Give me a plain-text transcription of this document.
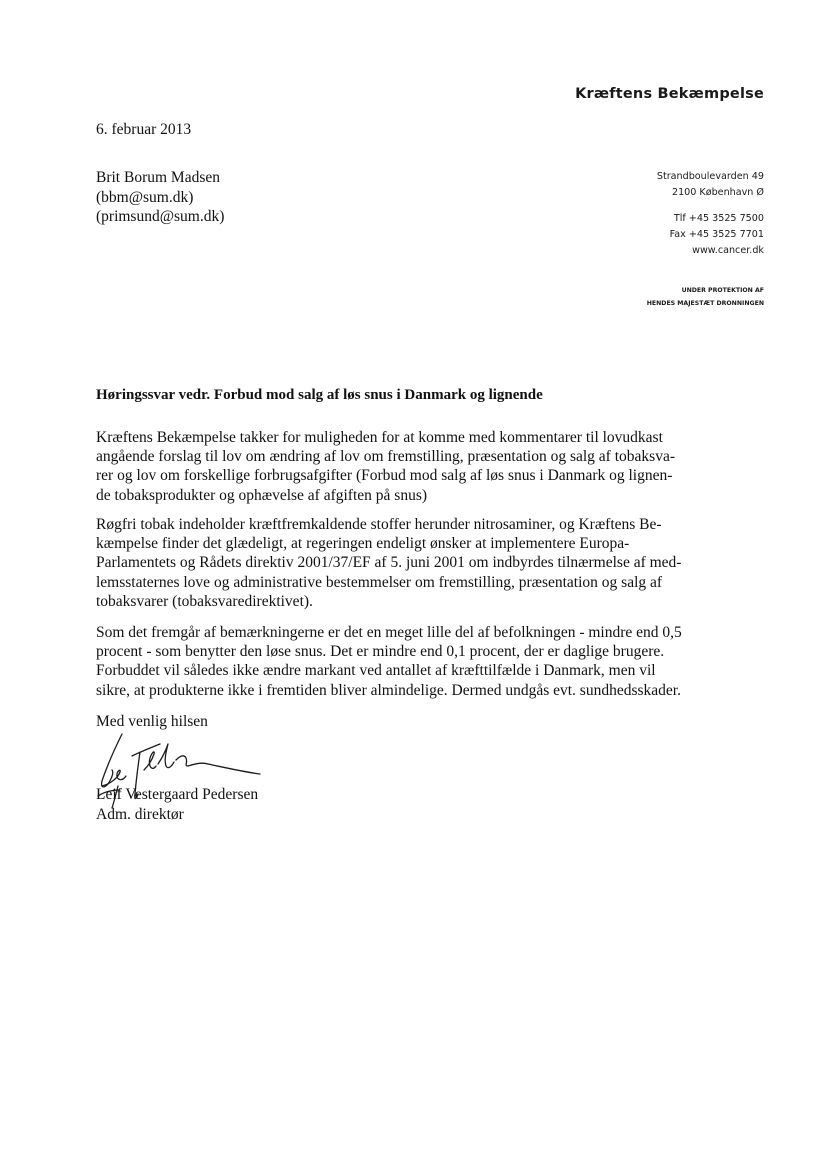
Kræftens Bekæmpelse
6. februar 2013
Brit Borum Madsen
(bbm@sum.dk)
(primsund@sum.dk)
Strandboulevarden 49
2100 København Ø
Tlf +45 3525 7500
Fax +45 3525 7701
www.cancer.dk
UNDER PROTEKTION AF
HENDES MAJESTÆT DRONNINGEN
Høringssvar vedr. Forbud mod salg af løs snus i Danmark og lignende
Kræftens Bekæmpelse takker for muligheden for at komme med kommentarer til lovudkast
angående forslag til lov om ændring af lov om fremstilling, præsentation og salg af tobaksva-
rer og lov om forskellige forbrugsafgifter (Forbud mod salg af løs snus i Danmark og lignen-
de tobaksprodukter og ophævelse af afgiften på snus)
Røgfri tobak indeholder kræftfremkaldende stoffer herunder nitrosaminer, og Kræftens Be-
kæmpelse finder det glædeligt, at regeringen endeligt ønsker at implementere Europa-
Parlamentets og Rådets direktiv 2001/37/EF af 5. juni 2001 om indbyrdes tilnærmelse af med-
lemsstaternes love og administrative bestemmelser om fremstilling, præsentation og salg af
tobaksvarer (tobaksvaredirektivet).
Som det fremgår af bemærkningerne er det en meget lille del af befolkningen - mindre end 0,5
procent - som benytter den løse snus. Det er mindre end 0,1 procent, der er daglige brugere.
Forbuddet vil således ikke ændre markant ved antallet af kræfttilfælde i Danmark, men vil
sikre, at produkterne ikke i fremtiden bliver almindelige. Dermed undgås evt. sundhedsskader.
Med venlig hilsen
Leif Vestergaard Pedersen
Adm. direktør
